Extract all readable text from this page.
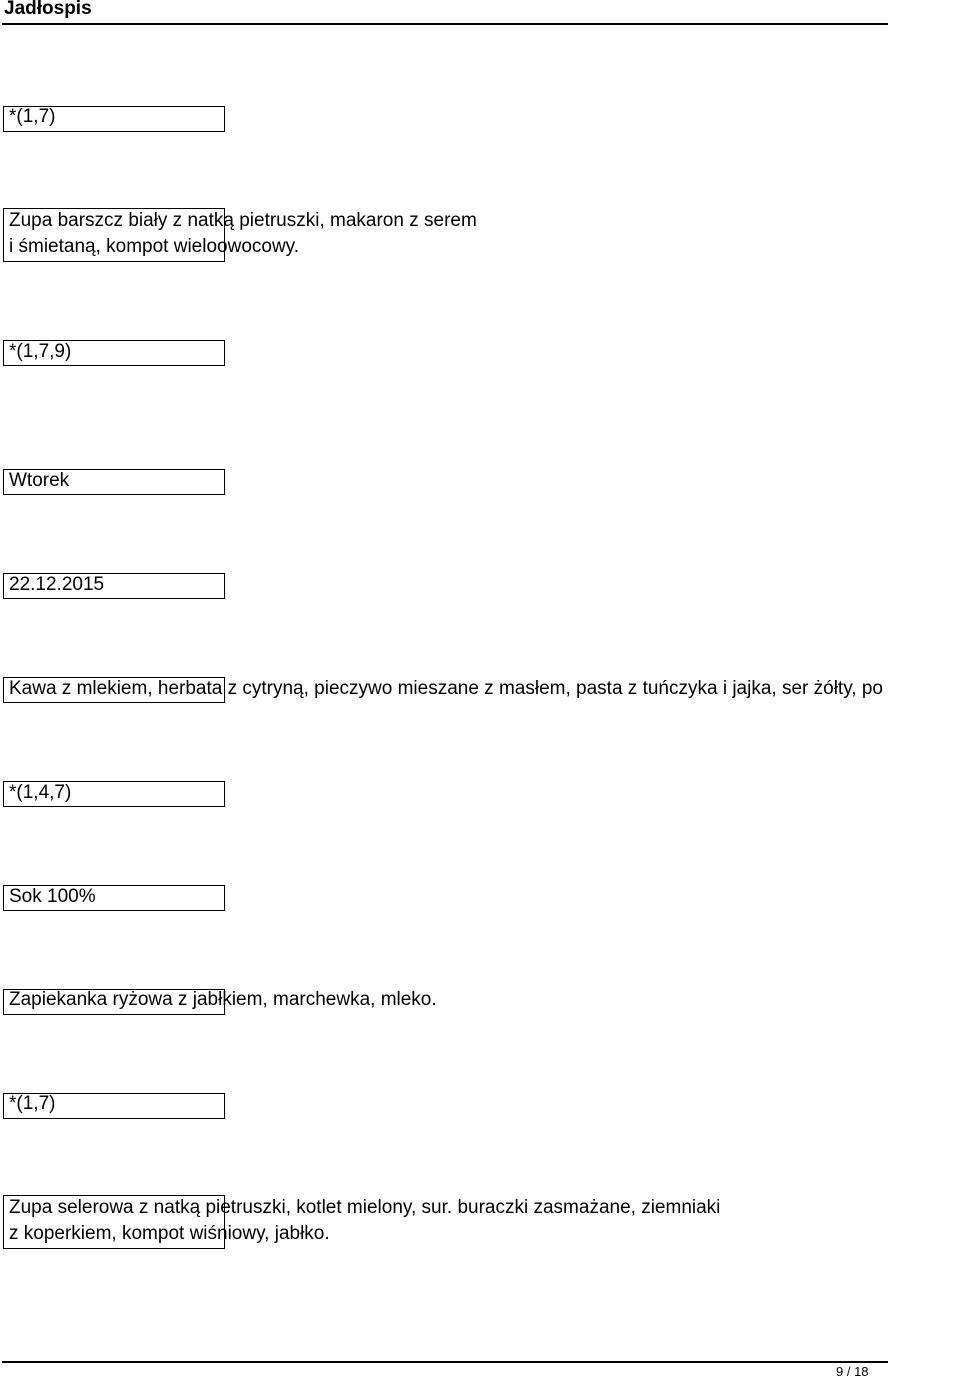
Jadłospis
*(1,7)
Zupa barszcz biały z natką pietruszki, makaron z serem
i śmietaną, kompot wieloowocowy.
*(1,7,9)
Wtorek
22.12.2015
Kawa z mlekiem, herbata z cytryną, pieczywo mieszane z masłem, pasta z tuńczyka i jajka, ser żółty, po
*(1,4,7)
Sok 100%
Zapiekanka ryżowa z jabłkiem, marchewka, mleko.
*(1,7)
Zupa selerowa z natką pietruszki, kotlet mielony, sur. buraczki zasmażane, ziemniaki
z koperkiem, kompot wiśniowy, jabłko.
9 / 18
